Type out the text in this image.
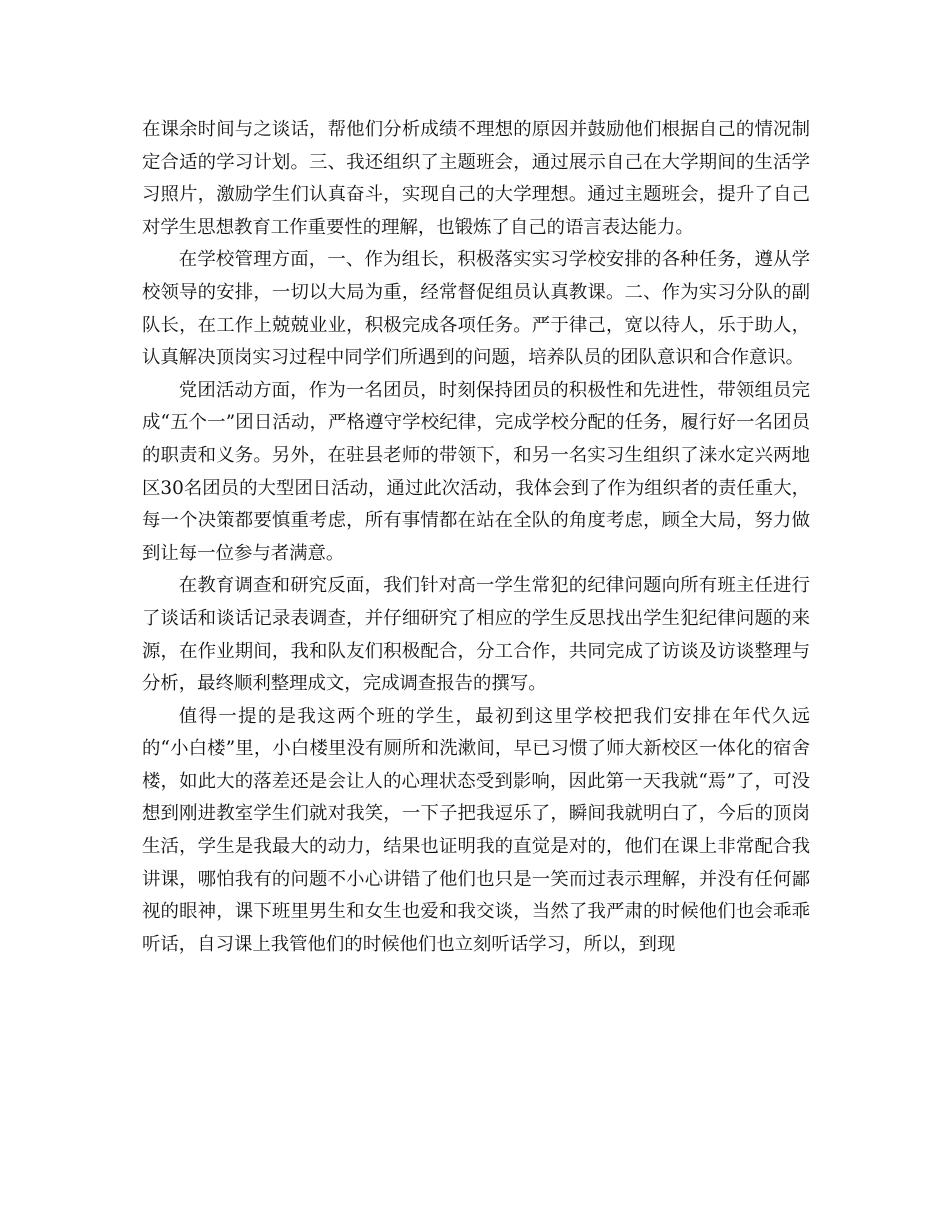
在课余时间与之谈话，帮他们分析成绩不理想的原因并鼓励他们根据自己的情况制定合适的学习计划。三、我还组织了主题班会，通过展示自己在大学期间的生活学习照片，激励学生们认真奋斗，实现自己的大学理想。通过主题班会，提升了自己对学生思想教育工作重要性的理解，也锻炼了自己的语言表达能力。

在学校管理方面，一、作为组长，积极落实实习学校安排的各种任务，遵从学校领导的安排，一切以大局为重，经常督促组员认真教课。二、作为实习分队的副队长，在工作上兢兢业业，积极完成各项任务。严于律己，宽以待人，乐于助人，认真解决顶岗实习过程中同学们所遇到的问题，培养队员的团队意识和合作意识。

党团活动方面，作为一名团员，时刻保持团员的积极性和先进性，带领组员完成“五个一”团日活动，严格遵守学校纪律，完成学校分配的任务，履行好一名团员的职责和义务。另外，在驻县老师的带领下，和另一名实习生组织了涞水定兴两地区30名团员的大型团日活动，通过此次活动，我体会到了作为组织者的责任重大，每一个决策都要慎重考虑，所有事情都在站在全队的角度考虑，顾全大局，努力做到让每一位参与者满意。

在教育调查和研究反面，我们针对高一学生常犯的纪律问题向所有班主任进行了谈话和谈话记录表调查，并仔细研究了相应的学生反思找出学生犯纪律问题的来源，在作业期间，我和队友们积极配合，分工合作，共同完成了访谈及访谈整理与分析，最终顺利整理成文，完成调查报告的撰写。

值得一提的是我这两个班的学生，最初到这里学校把我们安排在年代久远的“小白楼”里，小白楼里没有厕所和洗漱间，早已习惯了师大新校区一体化的宿舍楼，如此大的落差还是会让人的心理状态受到影响，因此第一天我就“焉”了，可没想到刚进教室学生们就对我笑，一下子把我逗乐了，瞬间我就明白了，今后的顶岗生活，学生是我最大的动力，结果也证明我的直觉是对的，他们在课上非常配合我讲课，哪怕我有的问题不小心讲错了他们也只是一笑而过表示理解，并没有任何鄙视的眼神，课下班里男生和女生也爱和我交谈，当然了我严肃的时候他们也会乖乖听话，自习课上我管他们的时候他们也立刻听话学习，所以，到现
